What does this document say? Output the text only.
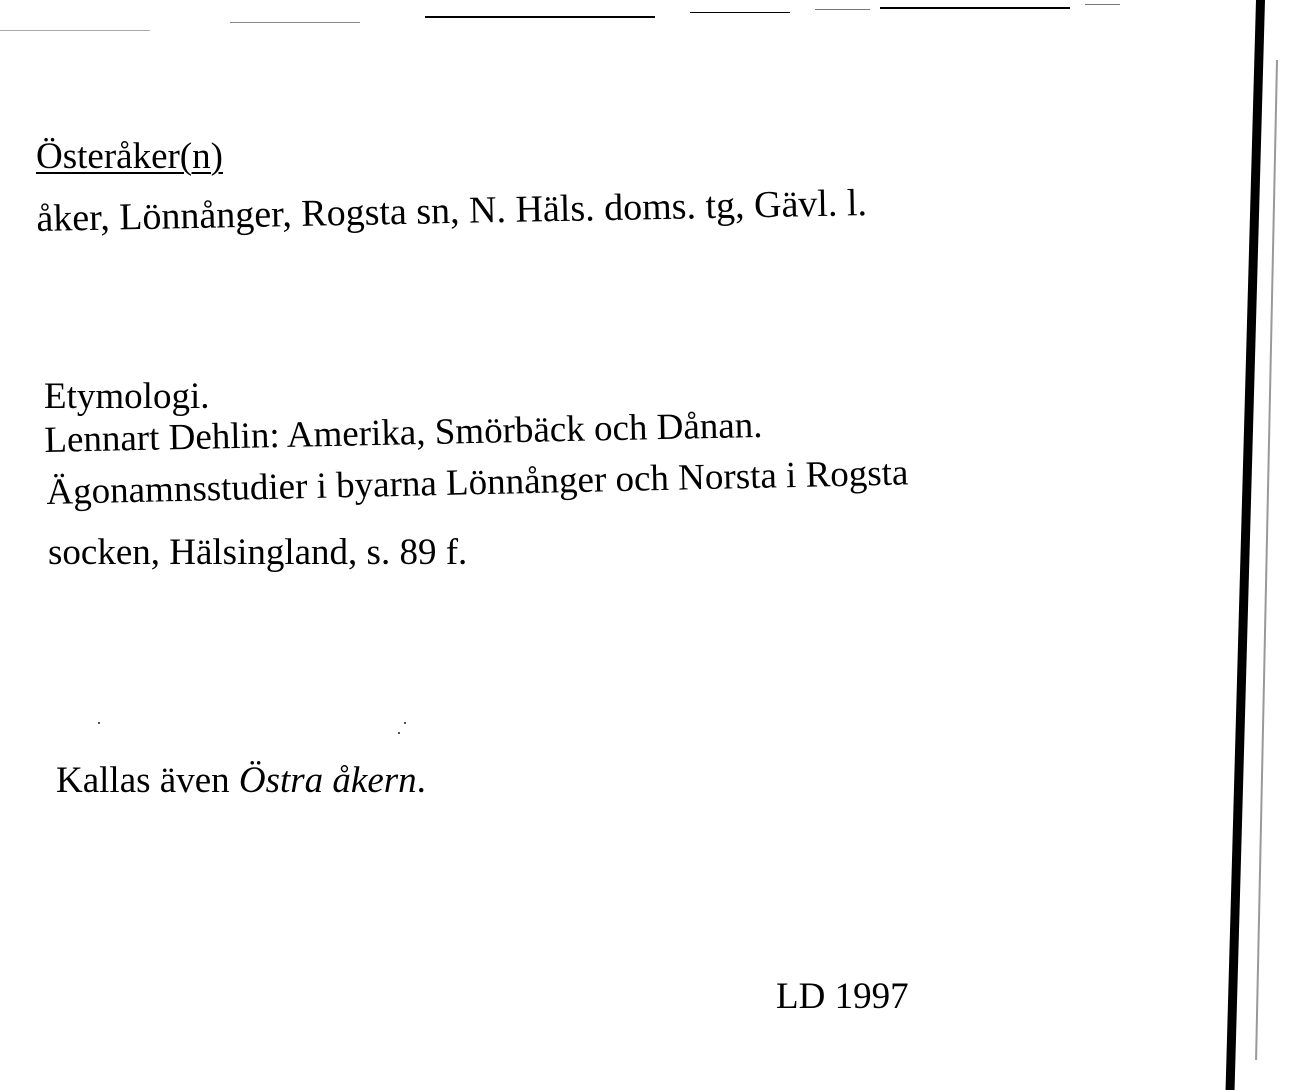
Österåker(n)
åker, Lönnånger, Rogsta sn, N. Häls. doms. tg, Gävl. l.
Etymologi.
Lennart Dehlin: Amerika, Smörbäck och Dånan.
Ägonamnsstudier i byarna Lönnånger och Norsta i Rogsta
socken, Hälsingland, s. 89 f.
Kallas även Östra åkern.
LD 1997
